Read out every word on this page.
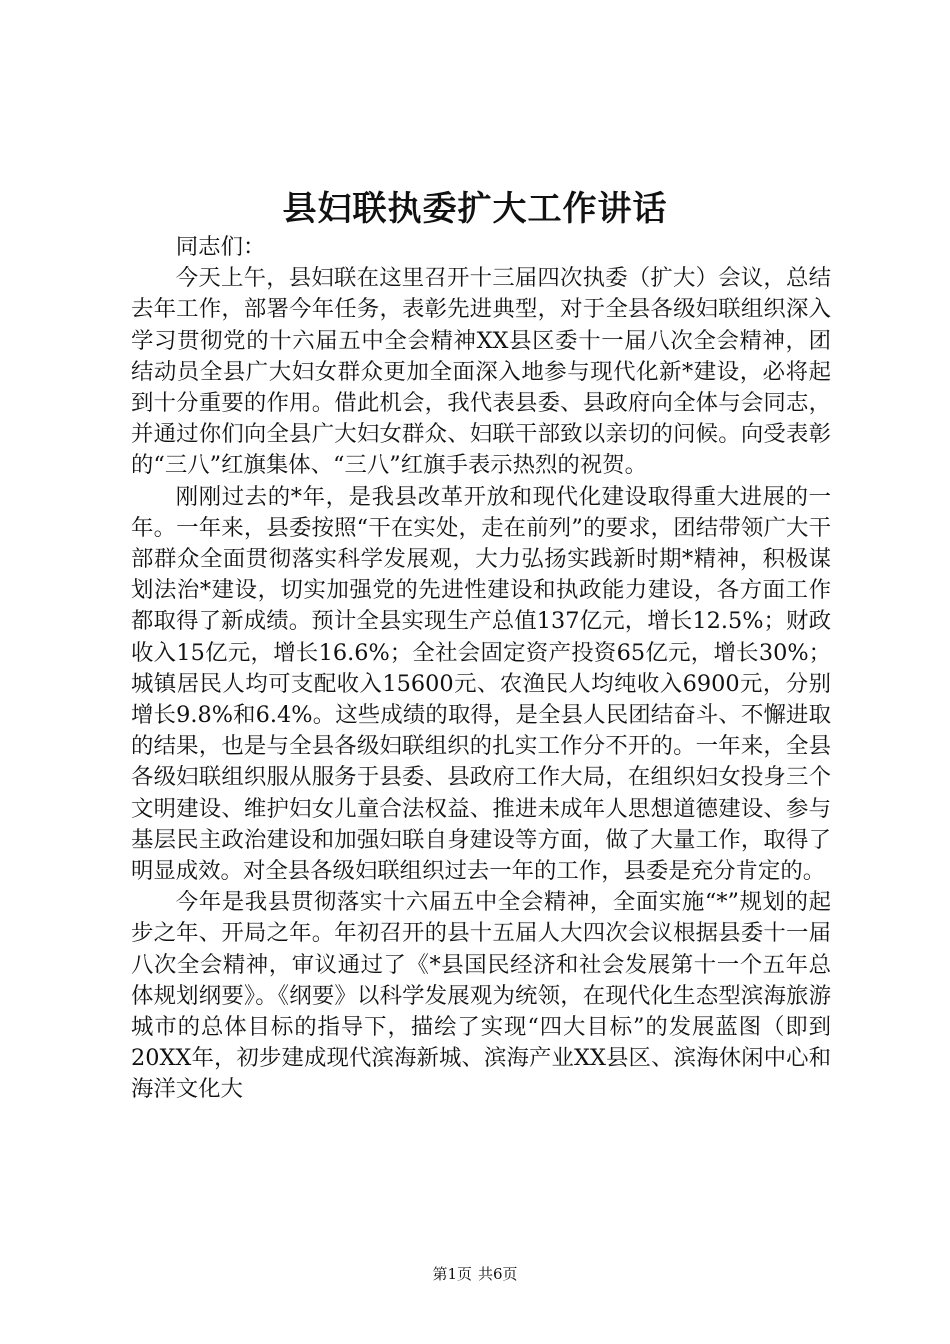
县妇联执委扩大工作讲话

同志们：

今天上午，县妇联在这里召开十三届四次执委（扩大）会议，总结去年工作，部署今年任务，表彰先进典型，对于全县各级妇联组织深入学习贯彻党的十六届五中全会精神XX县区委十一届八次全会精神，团结动员全县广大妇女群众更加全面深入地参与现代化新*建设，必将起到十分重要的作用。借此机会，我代表县委、县政府向全体与会同志，并通过你们向全县广大妇女群众、妇联干部致以亲切的问候。向受表彰的“三八”红旗集体、“三八”红旗手表示热烈的祝贺。

刚刚过去的*年，是我县改革开放和现代化建设取得重大进展的一年。一年来，县委按照“干在实处，走在前列”的要求，团结带领广大干部群众全面贯彻落实科学发展观，大力弘扬实践新时期*精神，积极谋划法治*建设，切实加强党的先进性建设和执政能力建设，各方面工作都取得了新成绩。预计全县实现生产总值137亿元，增长12.5%；财政收入15亿元，增长16.6%；全社会固定资产投资65亿元，增长30%；城镇居民人均可支配收入15600元、农渔民人均纯收入6900元，分别增长9.8%和6.4%。这些成绩的取得，是全县人民团结奋斗、不懈进取的结果，也是与全县各级妇联组织的扎实工作分不开的。一年来，全县各级妇联组织服从服务于县委、县政府工作大局，在组织妇女投身三个文明建设、维护妇女儿童合法权益、推进未成年人思想道德建设、参与基层民主政治建设和加强妇联自身建设等方面，做了大量工作，取得了明显成效。对全县各级妇联组织过去一年的工作，县委是充分肯定的。

今年是我县贯彻落实十六届五中全会精神，全面实施“*”规划的起步之年、开局之年。年初召开的县十五届人大四次会议根据县委十一届八次全会精神，审议通过了《*县国民经济和社会发展第十一个五年总体规划纲要》。《纲要》以科学发展观为统领，在现代化生态型滨海旅游城市的总体目标的指导下，描绘了实现“四大目标”的发展蓝图（即到20XX年，初步建成现代滨海新城、滨海产业XX县区、滨海休闲中心和海洋文化大

第1页 共6页
